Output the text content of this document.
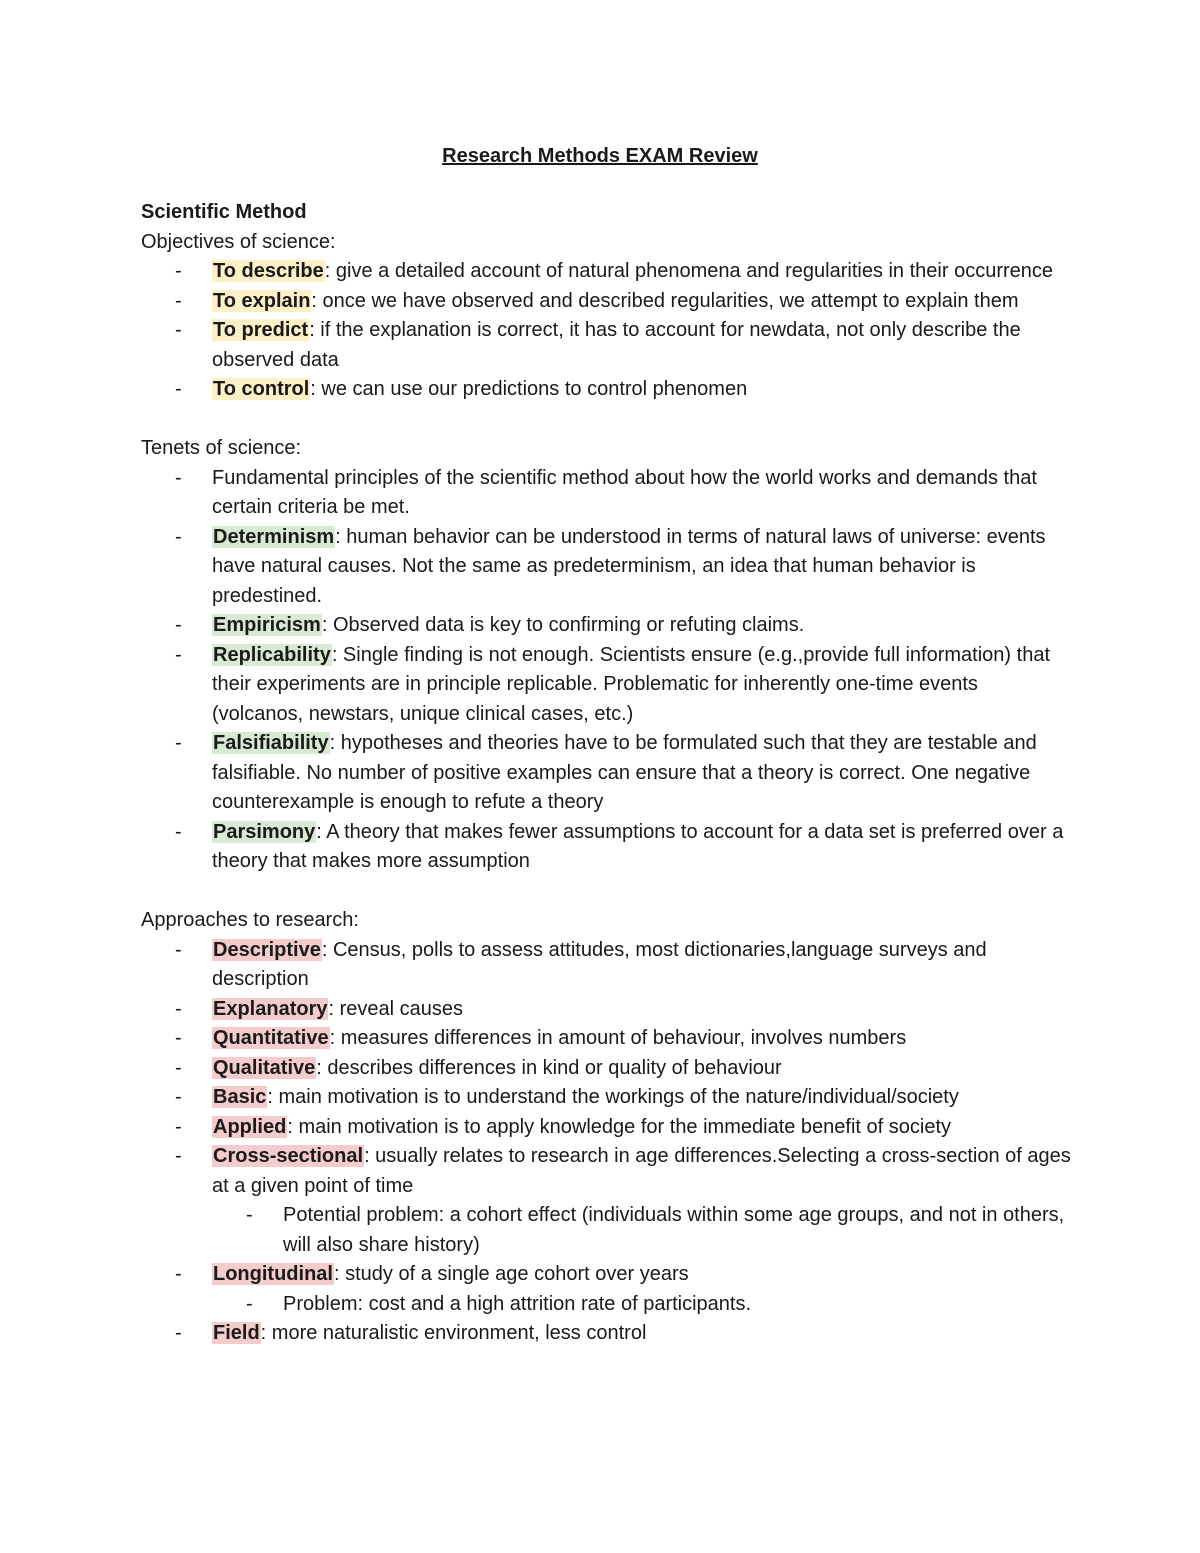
Research Methods EXAM Review

Scientific Method

Objectives of science:

- To describe: give a detailed account of natural phenomena and regularities in their occurrence
- To explain: once we have observed and described regularities, we attempt to explain them
- To predict: if the explanation is correct, it has to account for newdata, not only describe the observed data
- To control: we can use our predictions to control phenomen

Tenets of science:

- Fundamental principles of the scientific method about how the world works and demands that certain criteria be met.
- Determinism: human behavior can be understood in terms of natural laws of universe: events have natural causes. Not the same as predeterminism, an idea that human behavior is predestined.
- Empiricism: Observed data is key to confirming or refuting claims.
- Replicability: Single finding is not enough. Scientists ensure (e.g.,provide full information) that their experiments are in principle replicable. Problematic for inherently one-time events (volcanos, newstars, unique clinical cases, etc.)
- Falsifiability: hypotheses and theories have to be formulated such that they are testable and falsifiable. No number of positive examples can ensure that a theory is correct. One negative counterexample is enough to refute a theory
- Parsimony: A theory that makes fewer assumptions to account for a data set is preferred over a theory that makes more assumption

Approaches to research:

- Descriptive: Census, polls to assess attitudes, most dictionaries,language surveys and description
- Explanatory: reveal causes
- Quantitative: measures differences in amount of behaviour, involves numbers
- Qualitative: describes differences in kind or quality of behaviour
- Basic: main motivation is to understand the workings of the nature/individual/society
- Applied: main motivation is to apply knowledge for the immediate benefit of society
- Cross-sectional: usually relates to research in age differences.Selecting a cross-section of ages at a given point of time
- Potential problem: a cohort effect (individuals within some age groups, and not in others, will also share history)
- Longitudinal: study of a single age cohort over years
- Problem: cost and a high attrition rate of participants.
- Field: more naturalistic environment, less control
